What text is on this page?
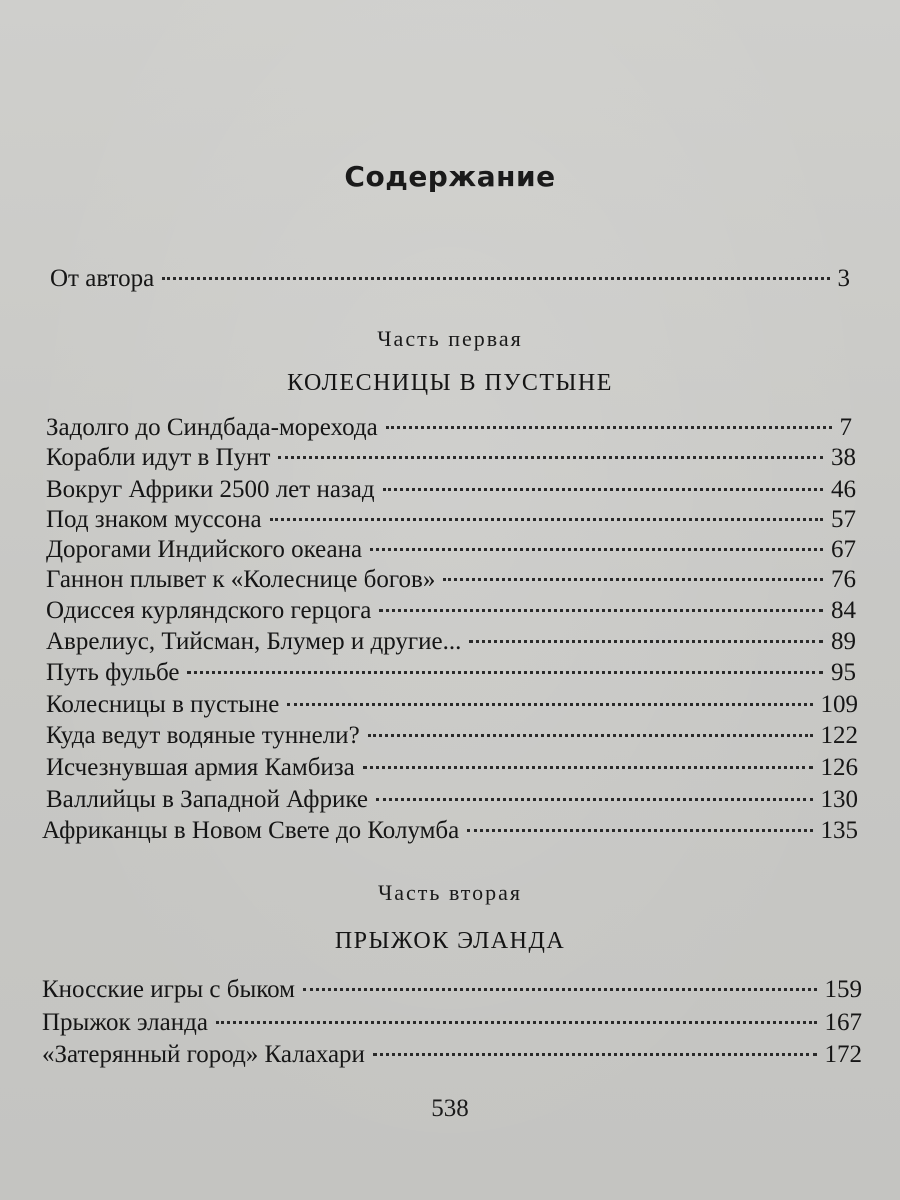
Содержание
От автора	3
Часть первая
КОЛЕСНИЦЫ В ПУСТЫНЕ
Задолго до Синдбада-морехода	7
Корабли идут в Пунт	38
Вокруг Африки 2500 лет назад	46
Под знаком муссона	57
Дорогами Индийского океана	67
Ганнон плывет к «Колеснице богов»	76
Одиссея курляндского герцога	84
Аврелиус, Тийсман, Блумер и другие...	89
Путь фульбе	95
Колесницы в пустыне	109
Куда ведут водяные туннели?	122
Исчезнувшая армия Камбиза	126
Валлийцы в Западной Африке	130
Африканцы в Новом Свете до Колумба	135
Часть вторая
ПРЫЖОК ЭЛАНДА
Кносские игры с быком	159
Прыжок эланда	167
«Затерянный город» Калахари	172
538
